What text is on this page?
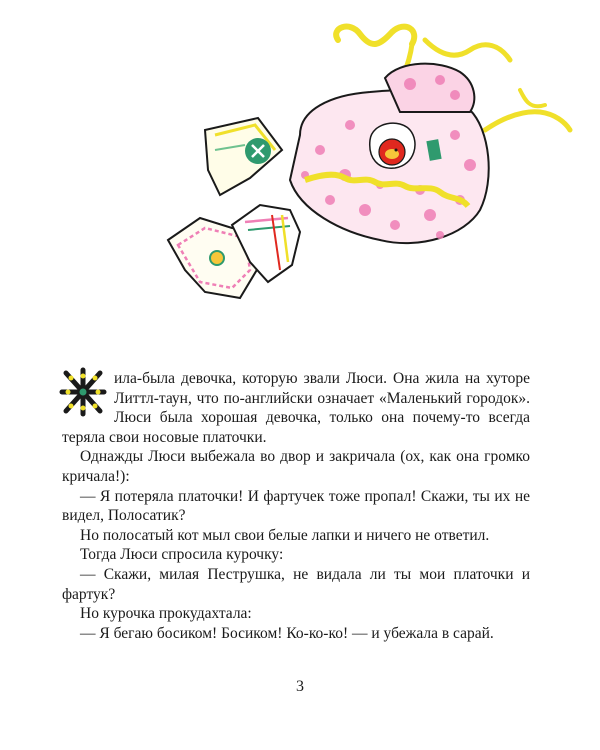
ила-была девочка, которую звали Люси. Она жила на хуторе Литтл-таун, что по-английски означает «Маленький городок». Люси была хорошая девочка, только она почему-то всегда теряла свои носовые платочки.

Однажды Люси выбежала во двор и закричала (ох, как она громко кричала!):

— Я потеряла платочки! И фартучек тоже пропал! Скажи, ты их не видел, Полосатик?

Но полосатый кот мыл свои белые лапки и ничего не ответил.

Тогда Люси спросила курочку:

— Скажи, милая Пеструшка, не видала ли ты мои платочки и фартук?

Но курочка прокудахтала:

— Я бегаю босиком! Босиком! Ко-ко-ко! — и убежала в сарай.

3
